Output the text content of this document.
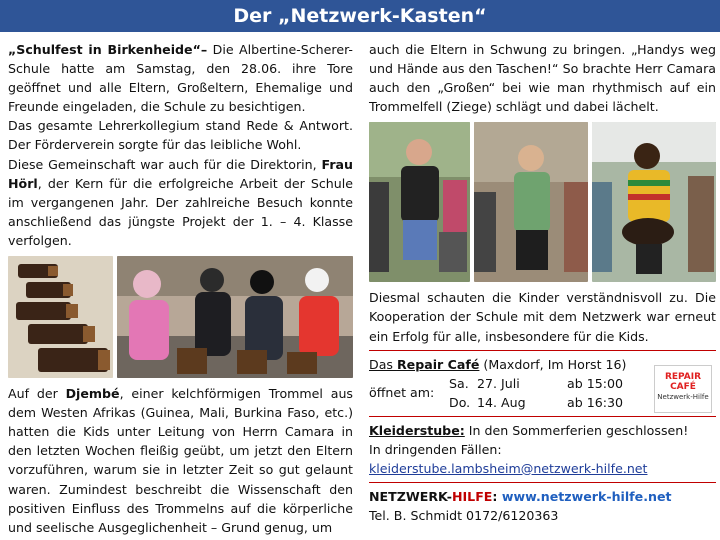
Der „Netzwerk-Kasten“

„Schulfest in Birkenheide“– Die Albertine-Scherer-Schule hatte am Samstag, den 28.06. ihre Tore geöffnet und alle Eltern, Großeltern, Ehemalige und Freunde eingeladen, die Schule zu besichtigen.

Das gesamte Lehrerkollegium stand Rede & Antwort. Der Förderverein sorgte für das leibliche Wohl.

Diese Gemeinschaft war auch für die Direktorin, Frau Hörl, der Kern für die erfolgreiche Arbeit der Schule im vergangenen Jahr. Der zahlreiche Besuch konnte anschließend das jüngste Projekt der 1. – 4. Klasse verfolgen.

Auf der Djembé, einer kelchförmigen Trommel aus dem Westen Afrikas (Guinea, Mali, Burkina Faso, etc.) hatten die Kids unter Leitung von Herrn Camara in den letzten Wochen fleißig geübt, um jetzt den Eltern vorzuführen, warum sie in letzter Zeit so gut gelaunt waren. Zumindest beschreibt die Wissenschaft den positiven Einfluss des Trommelns auf die körperliche und seelische Ausgeglichenheit – Grund genug, um

auch die Eltern in Schwung zu bringen. „Handys weg und Hände aus den Taschen!“ So brachte Herr Camara auch den „Großen“ bei wie man rhythmisch auf ein Trommelfell (Ziege) schlägt und dabei lächelt.

Diesmal schauten die Kinder verständnisvoll zu. Die Kooperation der Schule mit dem Netzwerk war erneut ein Erfolg für alle, insbesondere für die Kids.

Das Repair Café (Maxdorf, Im Horst 16)
öffnet am:
Sa. 27. Juli	ab 15:00
Do. 14. Aug	ab 16:30
REPAIR
CAFÉ
Netzwerk-Hilfe
Kleiderstube: In den Sommerferien geschlossen!
In dringenden Fällen:
kleiderstube.lambsheim@netzwerk-hilfe.net
NETZWERK-HILFE: www.netzwerk-hilfe.net
Tel. B. Schmidt 0172/6120363
